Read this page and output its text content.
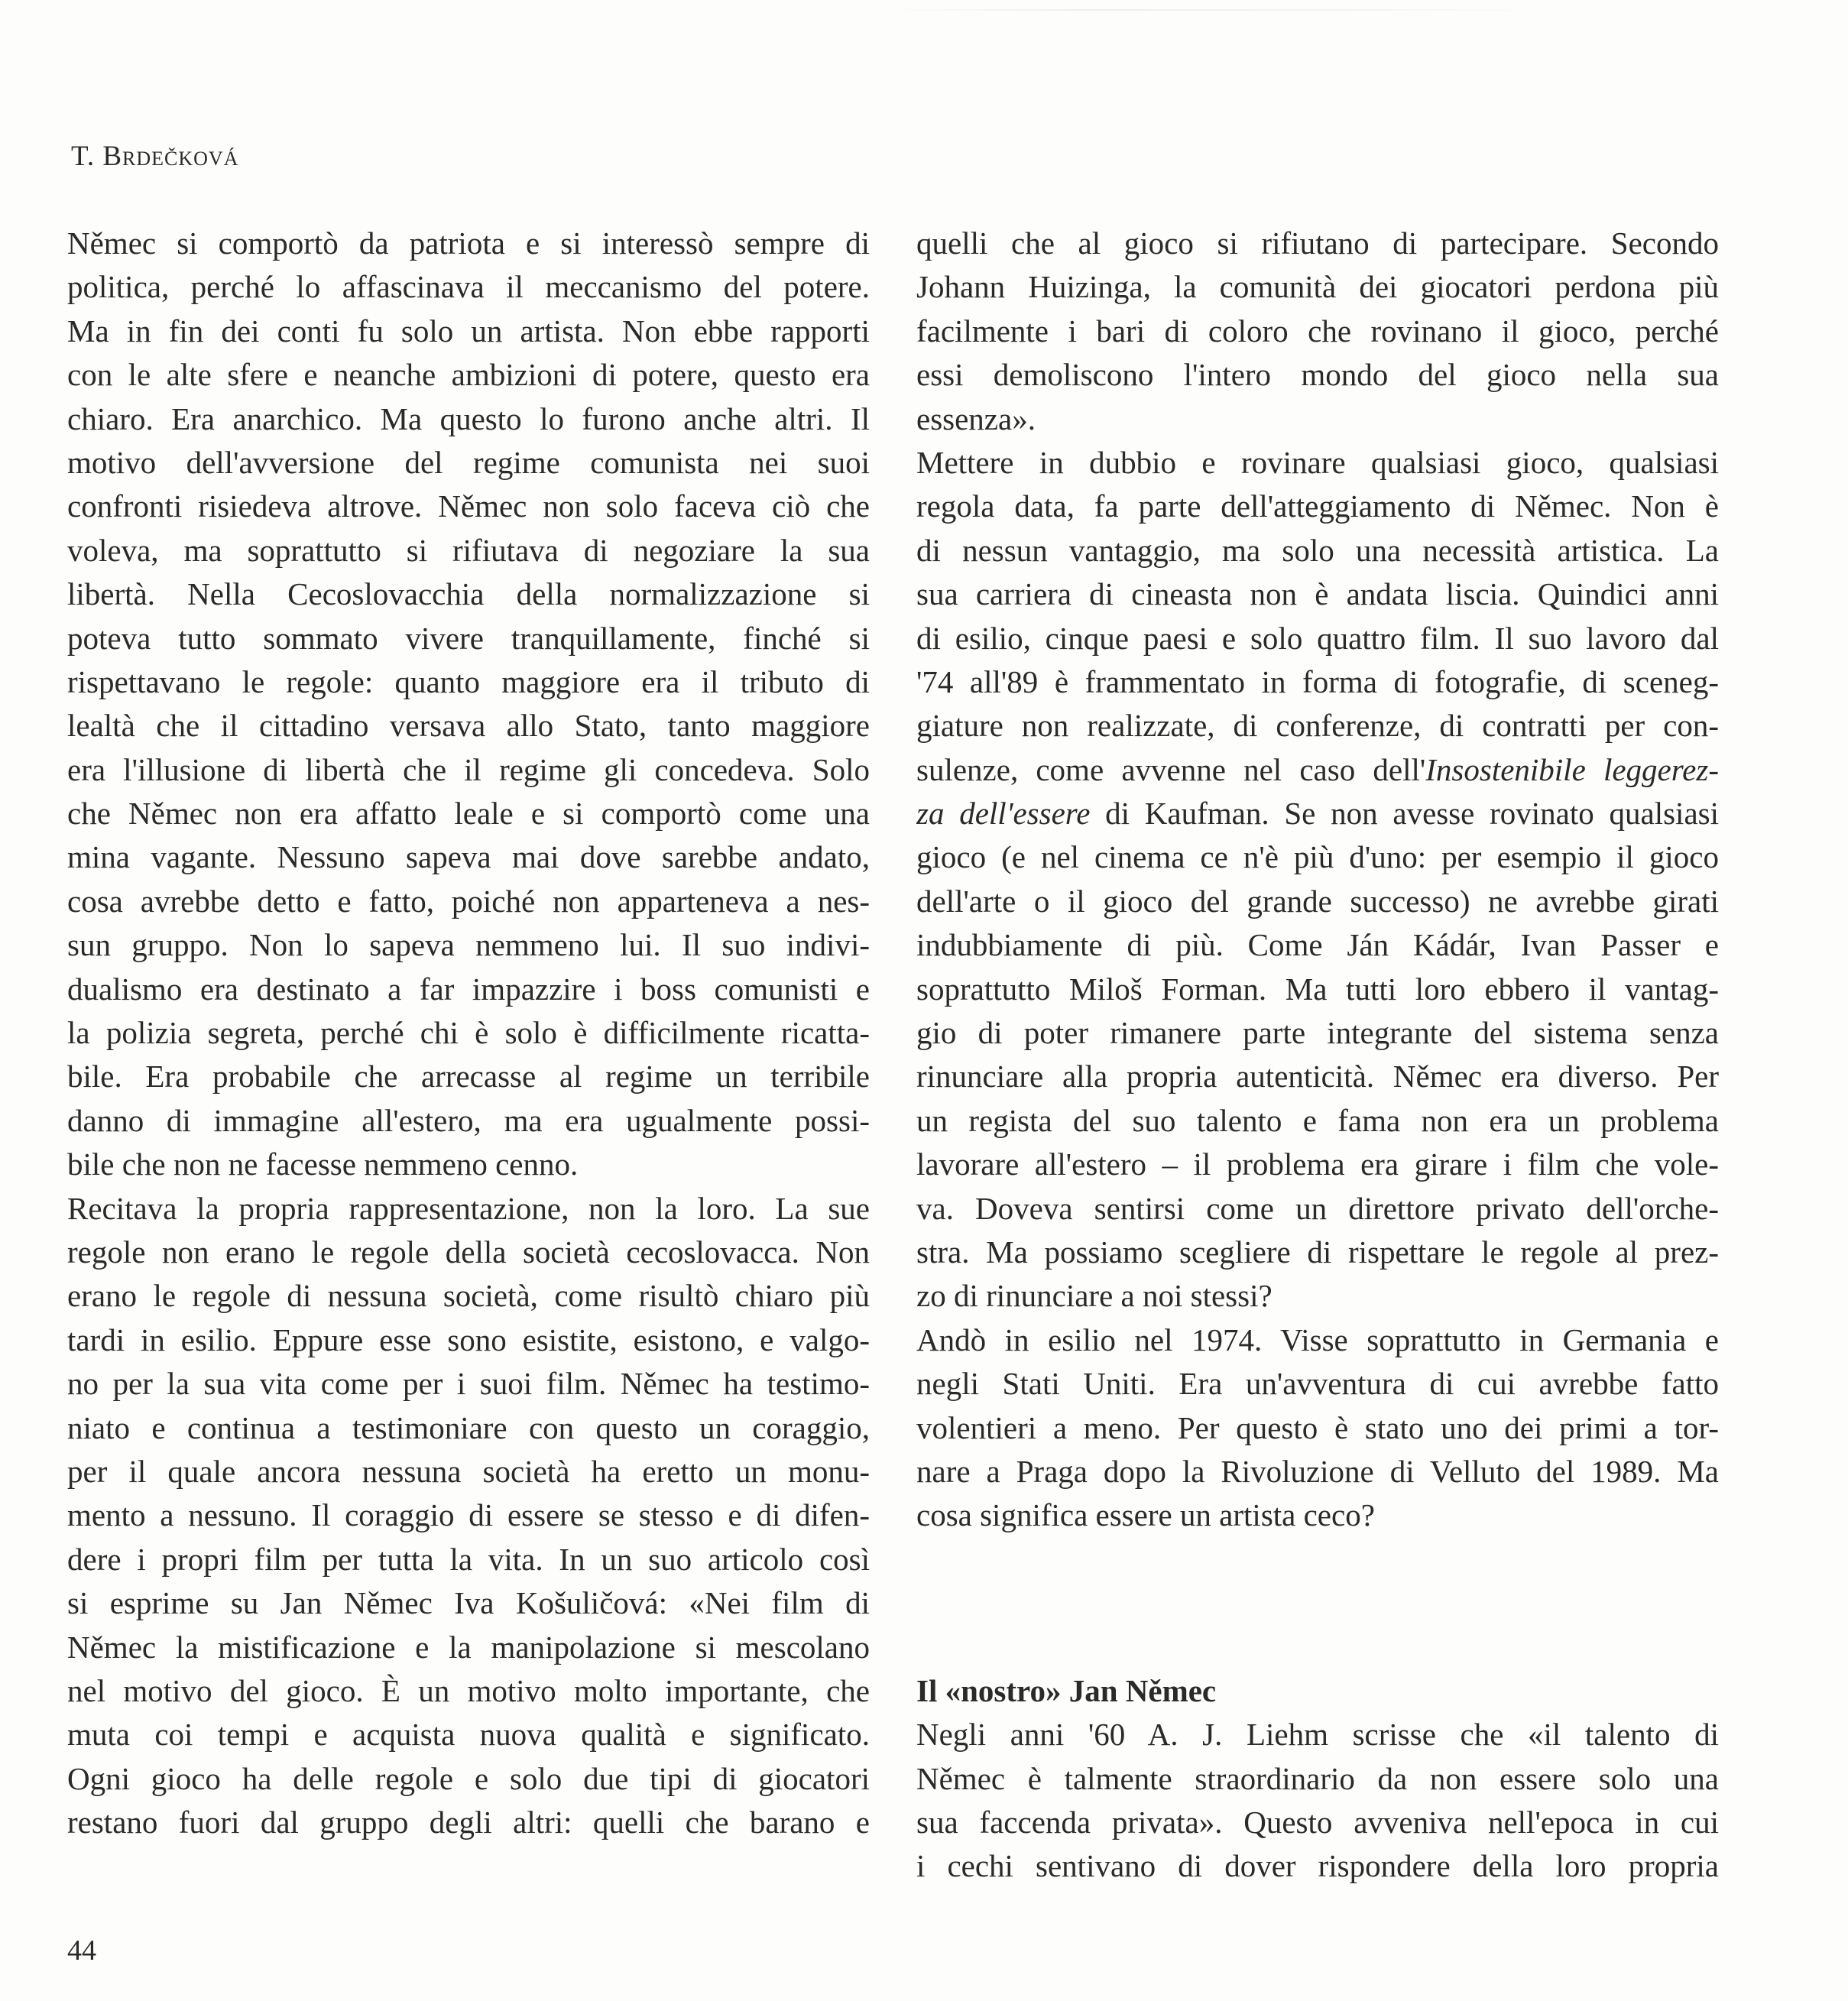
T. Brdečková
Němec si comportò da patriota e si interessò sempre di
politica, perché lo affascinava il meccanismo del potere.
Ma in fin dei conti fu solo un artista. Non ebbe rapporti
con le alte sfere e neanche ambizioni di potere, questo era
chiaro. Era anarchico. Ma questo lo furono anche altri. Il
motivo dell'avversione del regime comunista nei suoi
confronti risiedeva altrove. Němec non solo faceva ciò che
voleva, ma soprattutto si rifiutava di negoziare la sua
libertà. Nella Cecoslovacchia della normalizzazione si
poteva tutto sommato vivere tranquillamente, finché si
rispettavano le regole: quanto maggiore era il tributo di
lealtà che il cittadino versava allo Stato, tanto maggiore
era l'illusione di libertà che il regime gli concedeva. Solo
che Němec non era affatto leale e si comportò come una
mina vagante. Nessuno sapeva mai dove sarebbe andato,
cosa avrebbe detto e fatto, poiché non apparteneva a nes-
sun gruppo. Non lo sapeva nemmeno lui. Il suo indivi-
dualismo era destinato a far impazzire i boss comunisti e
la polizia segreta, perché chi è solo è difficilmente ricatta-
bile. Era probabile che arrecasse al regime un terribile
danno di immagine all'estero, ma era ugualmente possi-
bile che non ne facesse nemmeno cenno.
Recitava la propria rappresentazione, non la loro. La sue
regole non erano le regole della società cecoslovacca. Non
erano le regole di nessuna società, come risultò chiaro più
tardi in esilio. Eppure esse sono esistite, esistono, e valgo-
no per la sua vita come per i suoi film. Němec ha testimo-
niato e continua a testimoniare con questo un coraggio,
per il quale ancora nessuna società ha eretto un monu-
mento a nessuno. Il coraggio di essere se stesso e di difen-
dere i propri film per tutta la vita. In un suo articolo così
si esprime su Jan Němec Iva Košuličová: «Nei film di
Němec la mistificazione e la manipolazione si mescolano
nel motivo del gioco. È un motivo molto importante, che
muta coi tempi e acquista nuova qualità e significato.
Ogni gioco ha delle regole e solo due tipi di giocatori
restano fuori dal gruppo degli altri: quelli che barano e
quelli che al gioco si rifiutano di partecipare. Secondo
Johann Huizinga, la comunità dei giocatori perdona più
facilmente i bari di coloro che rovinano il gioco, perché
essi demoliscono l'intero mondo del gioco nella sua
essenza».
Mettere in dubbio e rovinare qualsiasi gioco, qualsiasi
regola data, fa parte dell'atteggiamento di Němec. Non è
di nessun vantaggio, ma solo una necessità artistica. La
sua carriera di cineasta non è andata liscia. Quindici anni
di esilio, cinque paesi e solo quattro film. Il suo lavoro dal
'74 all'89 è frammentato in forma di fotografie, di sceneg-
giature non realizzate, di conferenze, di contratti per con-
sulenze, come avvenne nel caso dell'Insostenibile leggerez-
za dell'essere di Kaufman. Se non avesse rovinato qualsiasi
gioco (e nel cinema ce n'è più d'uno: per esempio il gioco
dell'arte o il gioco del grande successo) ne avrebbe girati
indubbiamente di più. Come Ján Kádár, Ivan Passer e
soprattutto Miloš Forman. Ma tutti loro ebbero il vantag-
gio di poter rimanere parte integrante del sistema senza
rinunciare alla propria autenticità. Němec era diverso. Per
un regista del suo talento e fama non era un problema
lavorare all'estero – il problema era girare i film che vole-
va. Doveva sentirsi come un direttore privato dell'orche-
stra. Ma possiamo scegliere di rispettare le regole al prez-
zo di rinunciare a noi stessi?
Andò in esilio nel 1974. Visse soprattutto in Germania e
negli Stati Uniti. Era un'avventura di cui avrebbe fatto
volentieri a meno. Per questo è stato uno dei primi a tor-
nare a Praga dopo la Rivoluzione di Velluto del 1989. Ma
cosa significa essere un artista ceco?
Il «nostro» Jan Němec
Negli anni '60 A. J. Liehm scrisse che «il talento di
Němec è talmente straordinario da non essere solo una
sua faccenda privata». Questo avveniva nell'epoca in cui
i cechi sentivano di dover rispondere della loro propria
44
